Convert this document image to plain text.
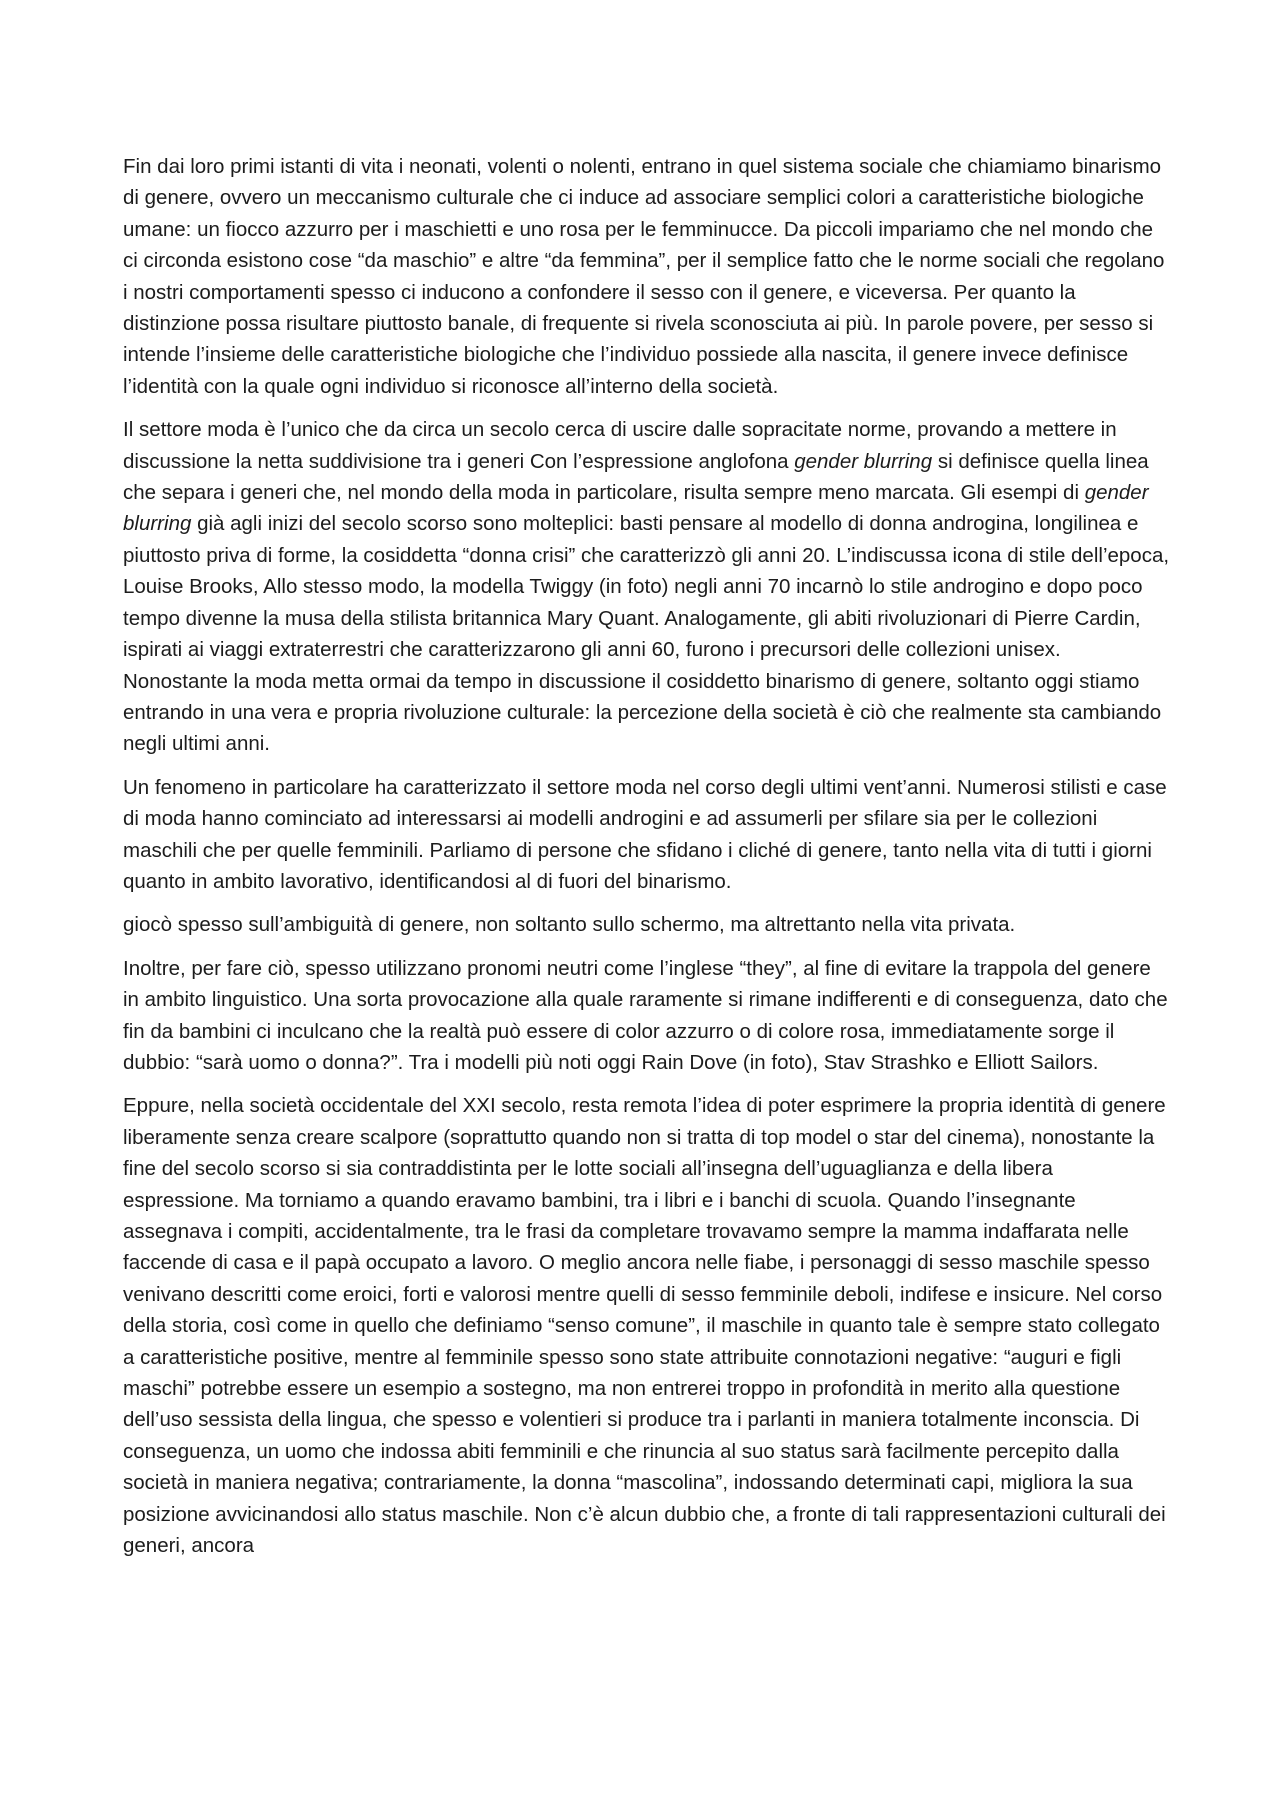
Fin dai loro primi istanti di vita i neonati, volenti o nolenti, entrano in quel sistema sociale che chiamiamo binarismo di genere, ovvero un meccanismo culturale che ci induce ad associare semplici colori a caratteristiche biologiche umane: un fiocco azzurro per i maschietti e uno rosa per le femminucce. Da piccoli impariamo che nel mondo che ci circonda esistono cose “da maschio” e altre “da femmina”, per il semplice fatto che le norme sociali che regolano i nostri comportamenti spesso ci inducono a confondere il sesso con il genere, e viceversa. Per quanto la distinzione possa risultare piuttosto banale, di frequente si rivela sconosciuta ai più. In parole povere, per sesso si intende l’insieme delle caratteristiche biologiche che l’individuo possiede alla nascita, il genere invece definisce l’identità con la quale ogni individuo si riconosce all’interno della società.

Il settore moda è l’unico che da circa un secolo cerca di uscire dalle sopracitate norme, provando a mettere in discussione la netta suddivisione tra i generi Con l’espressione anglofona gender blurring si definisce quella linea che separa i generi che, nel mondo della moda in particolare, risulta sempre meno marcata. Gli esempi di gender blurring già agli inizi del secolo scorso sono molteplici: basti pensare al modello di donna androgina, longilinea e piuttosto priva di forme, la cosiddetta “donna crisi” che caratterizzò gli anni 20. L’indiscussa icona di stile dell’epoca, Louise Brooks, Allo stesso modo, la modella Twiggy (in foto) negli anni 70 incarnò lo stile androgino e dopo poco tempo divenne la musa della stilista britannica Mary Quant. Analogamente, gli abiti rivoluzionari di Pierre Cardin, ispirati ai viaggi extraterrestri che caratterizzarono gli anni 60, furono i precursori delle collezioni unisex. Nonostante la moda metta ormai da tempo in discussione il cosiddetto binarismo di genere, soltanto oggi stiamo entrando in una vera e propria rivoluzione culturale: la percezione della società è ciò che realmente sta cambiando negli ultimi anni.

Un fenomeno in particolare ha caratterizzato il settore moda nel corso degli ultimi vent’anni. Numerosi stilisti e case di moda hanno cominciato ad interessarsi ai modelli androgini e ad assumerli per sfilare sia per le collezioni maschili che per quelle femminili. Parliamo di persone che sfidano i cliché di genere, tanto nella vita di tutti i giorni quanto in ambito lavorativo, identificandosi al di fuori del binarismo.

giocò spesso sull’ambiguità di genere, non soltanto sullo schermo, ma altrettanto nella vita privata.

Inoltre, per fare ciò, spesso utilizzano pronomi neutri come l’inglese “they”, al fine di evitare la trappola del genere in ambito linguistico. Una sorta provocazione alla quale raramente si rimane indifferenti e di conseguenza, dato che fin da bambini ci inculcano che la realtà può essere di color azzurro o di colore rosa, immediatamente sorge il dubbio: “sarà uomo o donna?”. Tra i modelli più noti oggi Rain Dove (in foto), Stav Strashko e Elliott Sailors.

Eppure, nella società occidentale del XXI secolo, resta remota l’idea di poter esprimere la propria identità di genere liberamente senza creare scalpore (soprattutto quando non si tratta di top model o star del cinema), nonostante la fine del secolo scorso si sia contraddistinta per le lotte sociali all’insegna dell’uguaglianza e della libera espressione. Ma torniamo a quando eravamo bambini, tra i libri e i banchi di scuola. Quando l’insegnante assegnava i compiti, accidentalmente, tra le frasi da completare trovavamo sempre la mamma indaffarata nelle faccende di casa e il papà occupato a lavoro. O meglio ancora nelle fiabe, i personaggi di sesso maschile spesso venivano descritti come eroici, forti e valorosi mentre quelli di sesso femminile deboli, indifese e insicure. Nel corso della storia, così come in quello che definiamo “senso comune”, il maschile in quanto tale è sempre stato collegato a caratteristiche positive, mentre al femminile spesso sono state attribuite connotazioni negative: “auguri e figli maschi” potrebbe essere un esempio a sostegno, ma non entrerei troppo in profondità in merito alla questione dell’uso sessista della lingua, che spesso e volentieri si produce tra i parlanti in maniera totalmente inconscia. Di conseguenza, un uomo che indossa abiti femminili e che rinuncia al suo status sarà facilmente percepito dalla società in maniera negativa; contrariamente, la donna “mascolina”, indossando determinati capi, migliora la sua posizione avvicinandosi allo status maschile. Non c’è alcun dubbio che, a fronte di tali rappresentazioni culturali dei generi, ancora
